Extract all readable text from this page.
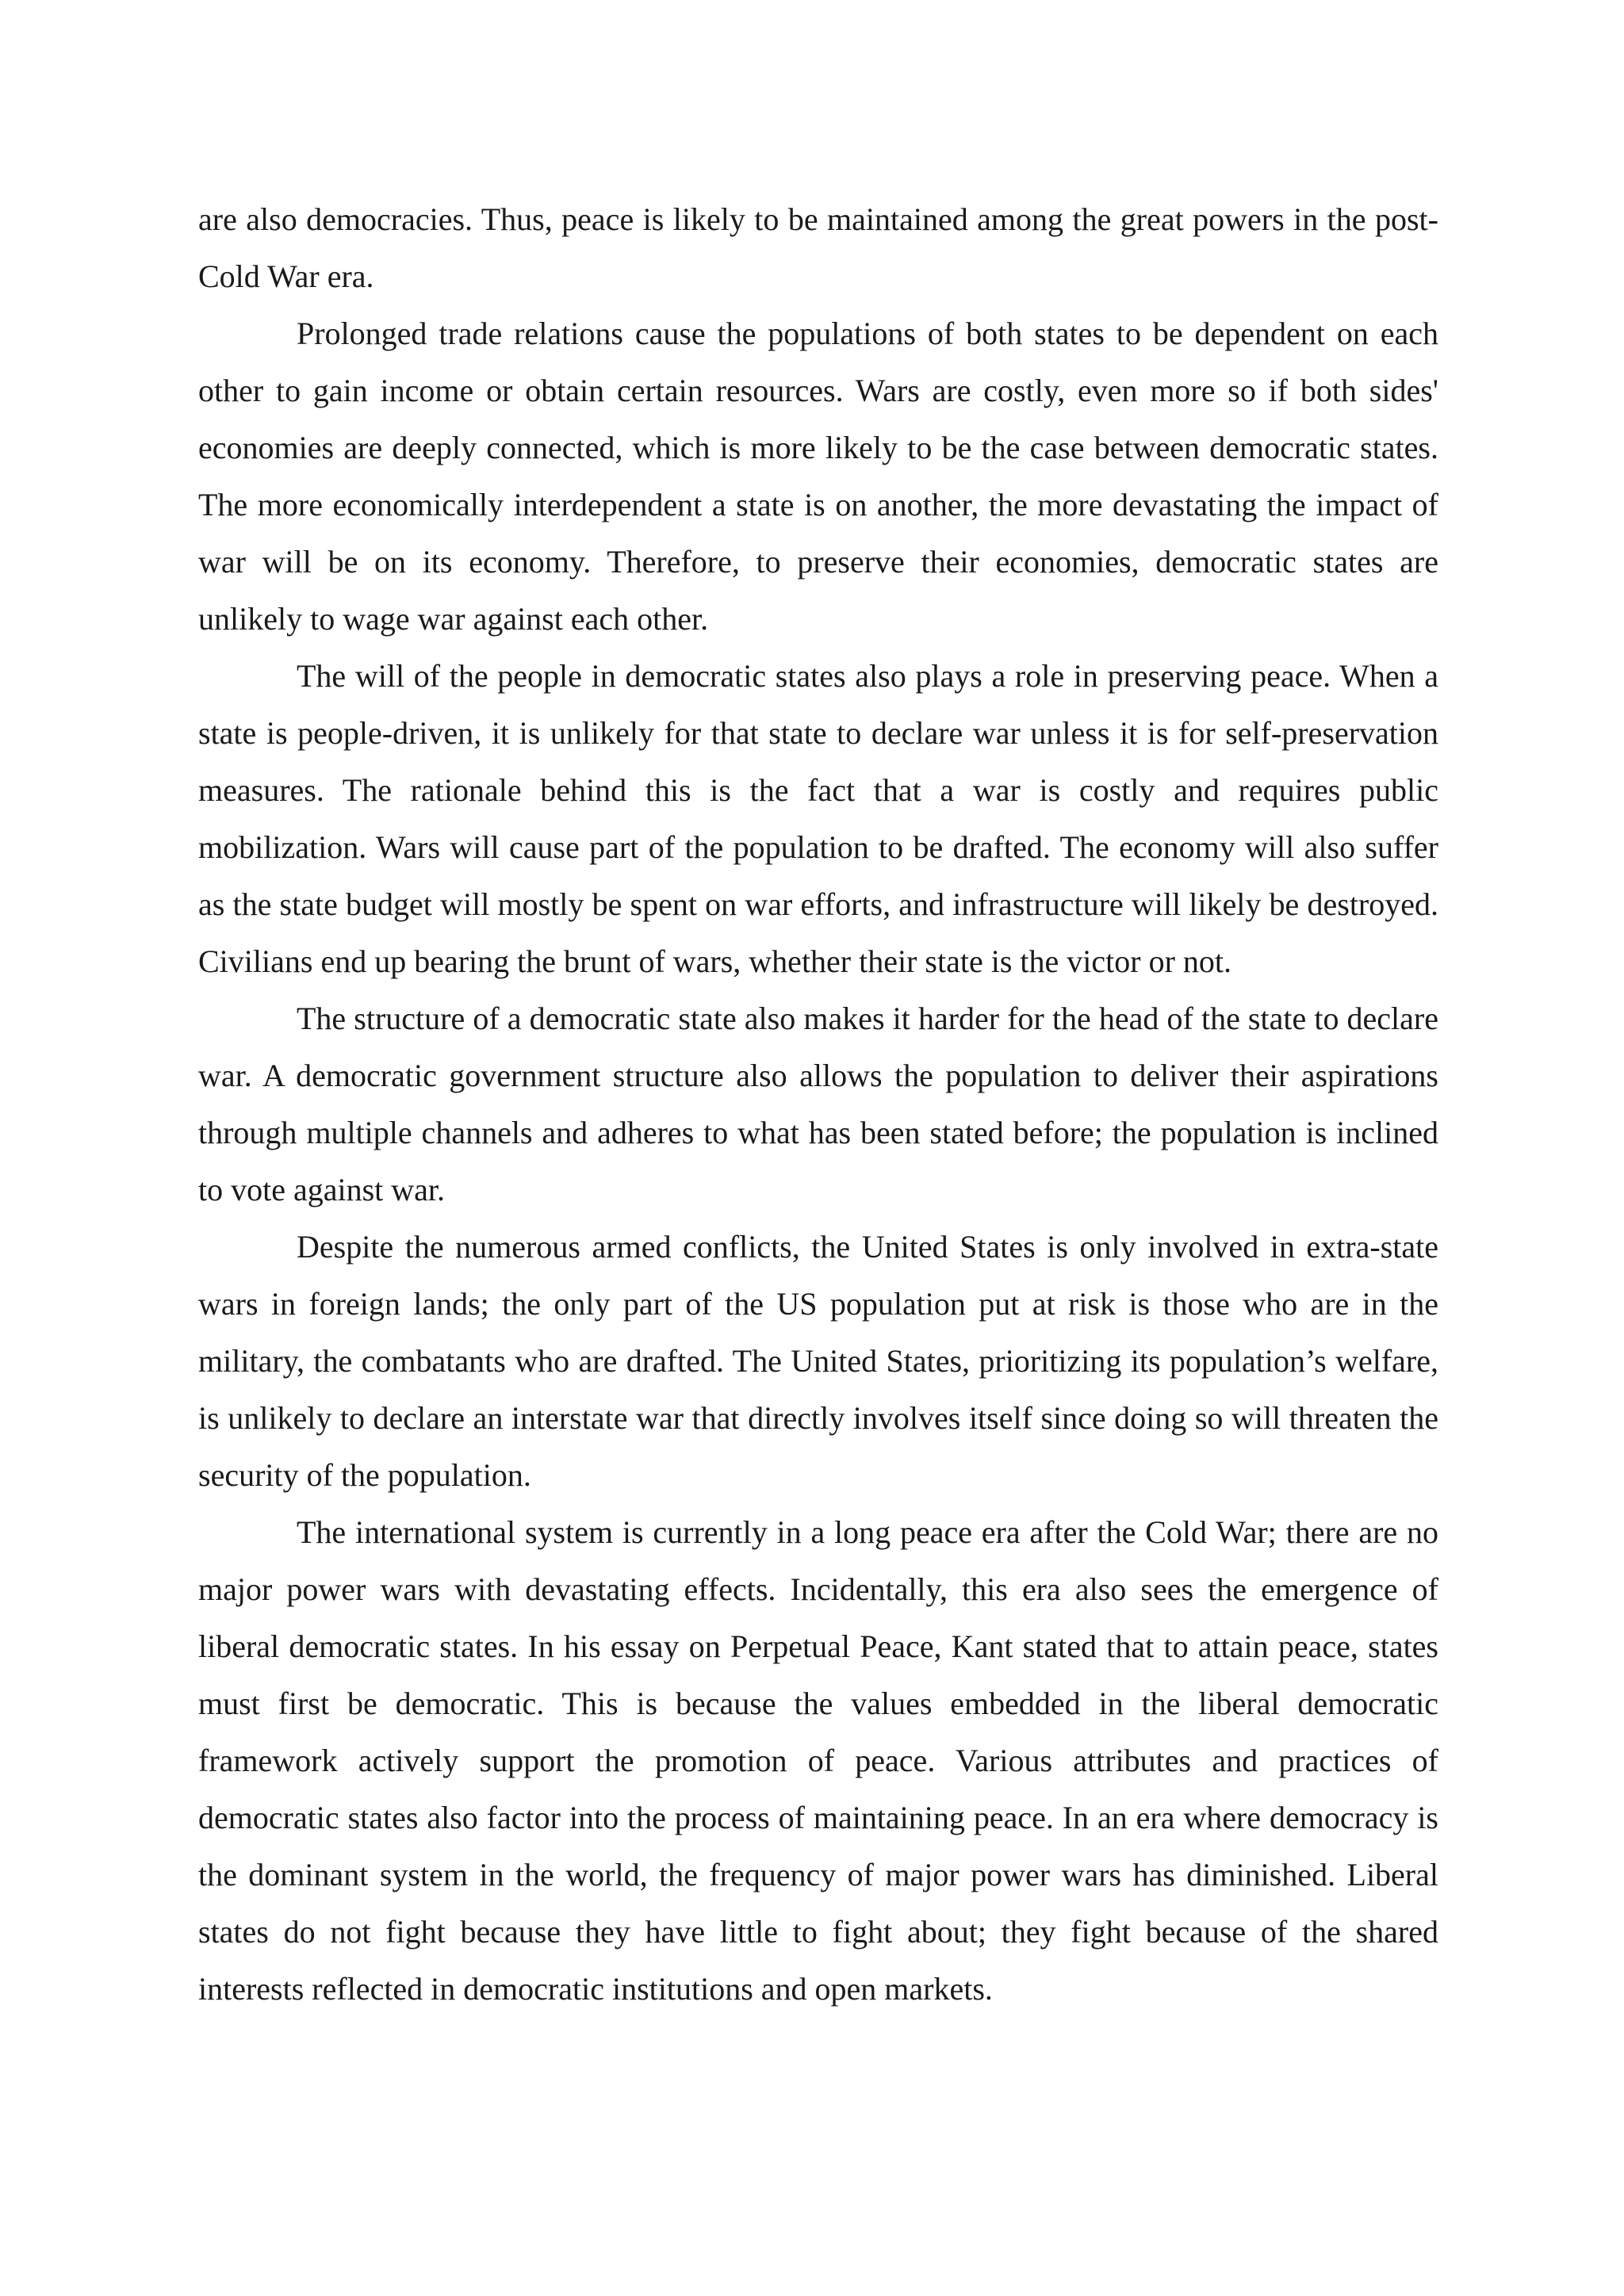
are also democracies. Thus, peace is likely to be maintained among the great powers in the post-Cold War era.

Prolonged trade relations cause the populations of both states to be dependent on each other to gain income or obtain certain resources. Wars are costly, even more so if both sides' economies are deeply connected, which is more likely to be the case between democratic states. The more economically interdependent a state is on another, the more devastating the impact of war will be on its economy. Therefore, to preserve their economies, democratic states are unlikely to wage war against each other.

The will of the people in democratic states also plays a role in preserving peace. When a state is people-driven, it is unlikely for that state to declare war unless it is for self-preservation measures. The rationale behind this is the fact that a war is costly and requires public mobilization. Wars will cause part of the population to be drafted. The economy will also suffer as the state budget will mostly be spent on war efforts, and infrastructure will likely be destroyed. Civilians end up bearing the brunt of wars, whether their state is the victor or not.

The structure of a democratic state also makes it harder for the head of the state to declare war. A democratic government structure also allows the population to deliver their aspirations through multiple channels and adheres to what has been stated before; the population is inclined to vote against war.

Despite the numerous armed conflicts, the United States is only involved in extra-state wars in foreign lands; the only part of the US population put at risk is those who are in the military, the combatants who are drafted. The United States, prioritizing its population’s welfare, is unlikely to declare an interstate war that directly involves itself since doing so will threaten the security of the population.

The international system is currently in a long peace era after the Cold War; there are no major power wars with devastating effects. Incidentally, this era also sees the emergence of liberal democratic states. In his essay on Perpetual Peace, Kant stated that to attain peace, states must first be democratic. This is because the values embedded in the liberal democratic framework actively support the promotion of peace. Various attributes and practices of democratic states also factor into the process of maintaining peace. In an era where democracy is the dominant system in the world, the frequency of major power wars has diminished. Liberal states do not fight because they have little to fight about; they fight because of the shared interests reflected in democratic institutions and open markets.
